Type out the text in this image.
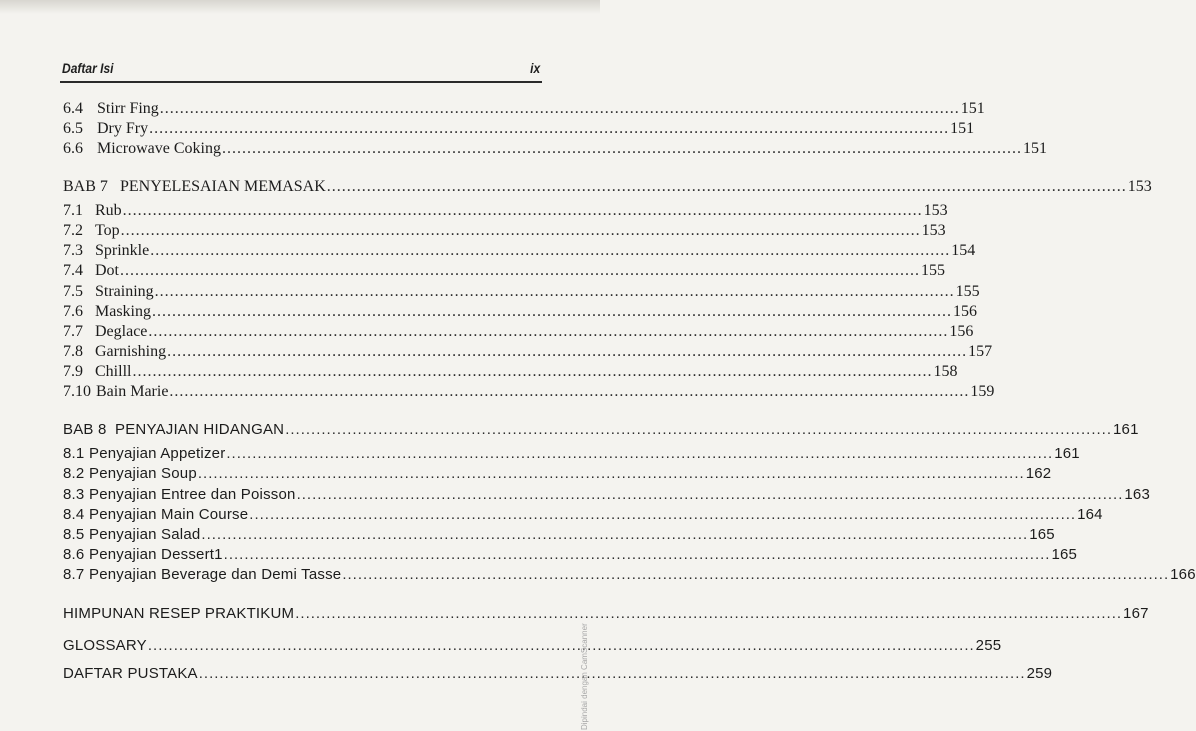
Daftar Isi	ix
6.4 Stirr Fing ................................................................................................................................................................ 151
6.5 Dry Fry ................................................................................................................................................................ 151
6.6 Microwave Coking ................................................................................................................................................................ 151
BAB 7 PENYELESAIAN MEMASAK ................................................................................................................................................................ 153
7.1 Rub ................................................................................................................................................................ 153
7.2 Top ................................................................................................................................................................ 153
7.3 Sprinkle ................................................................................................................................................................ 154
7.4 Dot ................................................................................................................................................................ 155
7.5 Straining ................................................................................................................................................................ 155
7.6 Masking ................................................................................................................................................................ 156
7.7 Deglace ................................................................................................................................................................ 156
7.8 Garnishing ................................................................................................................................................................ 157
7.9 Chilll ................................................................................................................................................................ 158
7.10 Bain Marie ................................................................................................................................................................ 159
BAB 8 PENYAJIAN HIDANGAN ................................................................................................................................................................ 161
8.1 Penyajian Appetizer ................................................................................................................................................................ 161
8.2 Penyajian Soup ................................................................................................................................................................ 162
8.3 Penyajian Entree dan Poisson ................................................................................................................................................................ 163
8.4 Penyajian Main Course ................................................................................................................................................................ 164
8.5 Penyajian Salad ................................................................................................................................................................ 165
8.6 Penyajian Dessert1 ................................................................................................................................................................ 165
8.7 Penyajian Beverage dan Demi Tasse ................................................................................................................................................................ 166
HIMPUNAN RESEP PRAKTIKUM ................................................................................................................................................................ 167
GLOSSARY ................................................................................................................................................................ 255
DAFTAR PUSTAKA ................................................................................................................................................................ 259
Dipindai dengan CamScanner
